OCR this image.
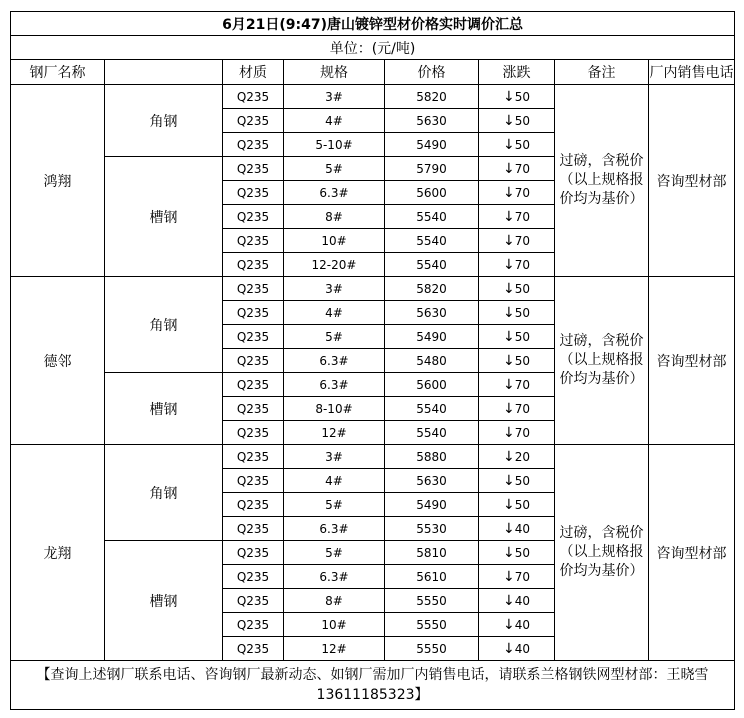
6月21日(9:47)唐山镀锌型材价格实时调价汇总							
单位：(元/吨)							
钢厂名称		材质	规格	价格	涨跌	备注	厂内销售电话
鸿翔	角钢	Q235	3#	5820	↓50	过磅，含税价（以上规格报价均为基价）	咨询型材部
		Q235	4#	5630	↓50		
		Q235	5-10#	5490	↓50		
	槽钢	Q235	5#	5790	↓70		
		Q235	6.3#	5600	↓70		
		Q235	8#	5540	↓70		
		Q235	10#	5540	↓70		
		Q235	12-20#	5540	↓70		
德邻	角钢	Q235	3#	5820	↓50	过磅，含税价（以上规格报价均为基价）	咨询型材部
		Q235	4#	5630	↓50		
		Q235	5#	5490	↓50		
		Q235	6.3#	5480	↓50		
	槽钢	Q235	6.3#	5600	↓70		
		Q235	8-10#	5540	↓70		
		Q235	12#	5540	↓70		
龙翔	角钢	Q235	3#	5880	↓20	过磅，含税价（以上规格报价均为基价）	咨询型材部
		Q235	4#	5630	↓50		
		Q235	5#	5490	↓50		
		Q235	6.3#	5530	↓40		
	槽钢	Q235	5#	5810	↓50		
		Q235	6.3#	5610	↓70		
		Q235	8#	5550	↓40		
		Q235	10#	5550	↓40		
		Q235	12#	5550	↓40		
【查询上述钢厂联系电话、咨询钢厂最新动态、如钢厂需加厂内销售电话，请联系兰格钢铁网型材部：王晓雪13611185323】							
